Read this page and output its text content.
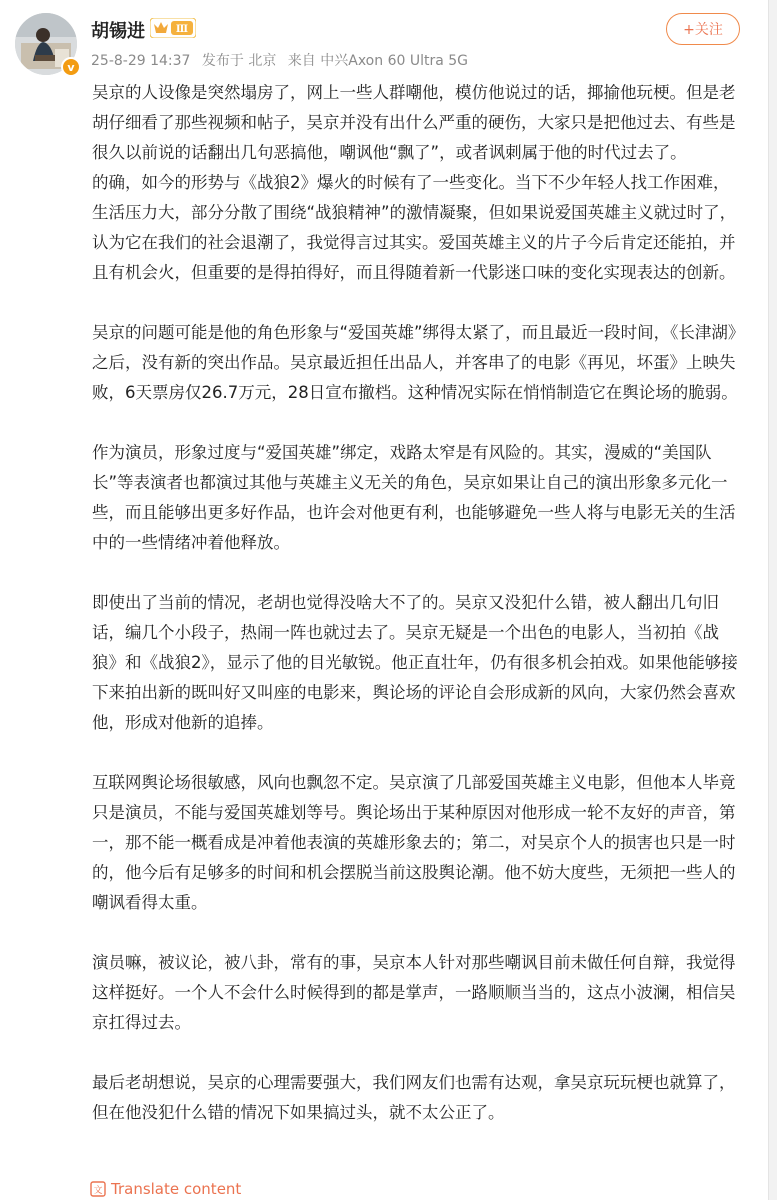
v
胡锡进	Ⅲ
25-8-29 14:37 发布于 北京 来自 中兴Axon 60 Ultra 5G
+关注

吴京的人设像是突然塌房了，网上一些人群嘲他，模仿他说过的话，揶揄他玩梗。但是老胡仔细看了那些视频和帖子，吴京并没有出什么严重的硬伤，大家只是把他过去、有些是很久以前说的话翻出几句恶搞他，嘲讽他“飘了”，或者讽刺属于他的时代过去了。

的确，如今的形势与《战狼2》爆火的时候有了一些变化。当下不少年轻人找工作困难，生活压力大，部分分散了围绕“战狼精神”的激情凝聚，但如果说爱国英雄主义就过时了，认为它在我们的社会退潮了，我觉得言过其实。爱国英雄主义的片子今后肯定还能拍，并且有机会火，但重要的是得拍得好，而且得随着新一代影迷口味的变化实现表达的创新。

吴京的问题可能是他的角色形象与“爱国英雄”绑得太紧了，而且最近一段时间，《长津湖》之后，没有新的突出作品。吴京最近担任出品人，并客串了的电影《再见，坏蛋》上映失败，6天票房仅26.7万元，28日宣布撤档。这种情况实际在悄悄制造它在舆论场的脆弱。

作为演员，形象过度与“爱国英雄”绑定，戏路太窄是有风险的。其实，漫威的“美国队长”等表演者也都演过其他与英雄主义无关的角色，吴京如果让自己的演出形象多元化一些，而且能够出更多好作品，也许会对他更有利，也能够避免一些人将与电影无关的生活中的一些情绪冲着他释放。

即使出了当前的情况，老胡也觉得没啥大不了的。吴京又没犯什么错，被人翻出几句旧话，编几个小段子，热闹一阵也就过去了。吴京无疑是一个出色的电影人，当初拍《战狼》和《战狼2》，显示了他的目光敏锐。他正直壮年，仍有很多机会拍戏。如果他能够接下来拍出新的既叫好又叫座的电影来，舆论场的评论自会形成新的风向，大家仍然会喜欢他，形成对他新的追捧。

互联网舆论场很敏感，风向也飘忽不定。吴京演了几部爱国英雄主义电影，但他本人毕竟只是演员，不能与爱国英雄划等号。舆论场出于某种原因对他形成一轮不友好的声音，第一，那不能一概看成是冲着他表演的英雄形象去的；第二，对吴京个人的损害也只是一时的，他今后有足够多的时间和机会摆脱当前这股舆论潮。他不妨大度些，无须把一些人的嘲讽看得太重。

演员嘛，被议论，被八卦，常有的事，吴京本人针对那些嘲讽目前未做任何自辩，我觉得这样挺好。一个人不会什么时候得到的都是掌声，一路顺顺当当的，这点小波澜，相信吴京扛得过去。

最后老胡想说，吴京的心理需要强大，我们网友们也需有达观，拿吴京玩玩梗也就算了，但在他没犯什么错的情况下如果搞过头，就不太公正了。

文 Translate content
